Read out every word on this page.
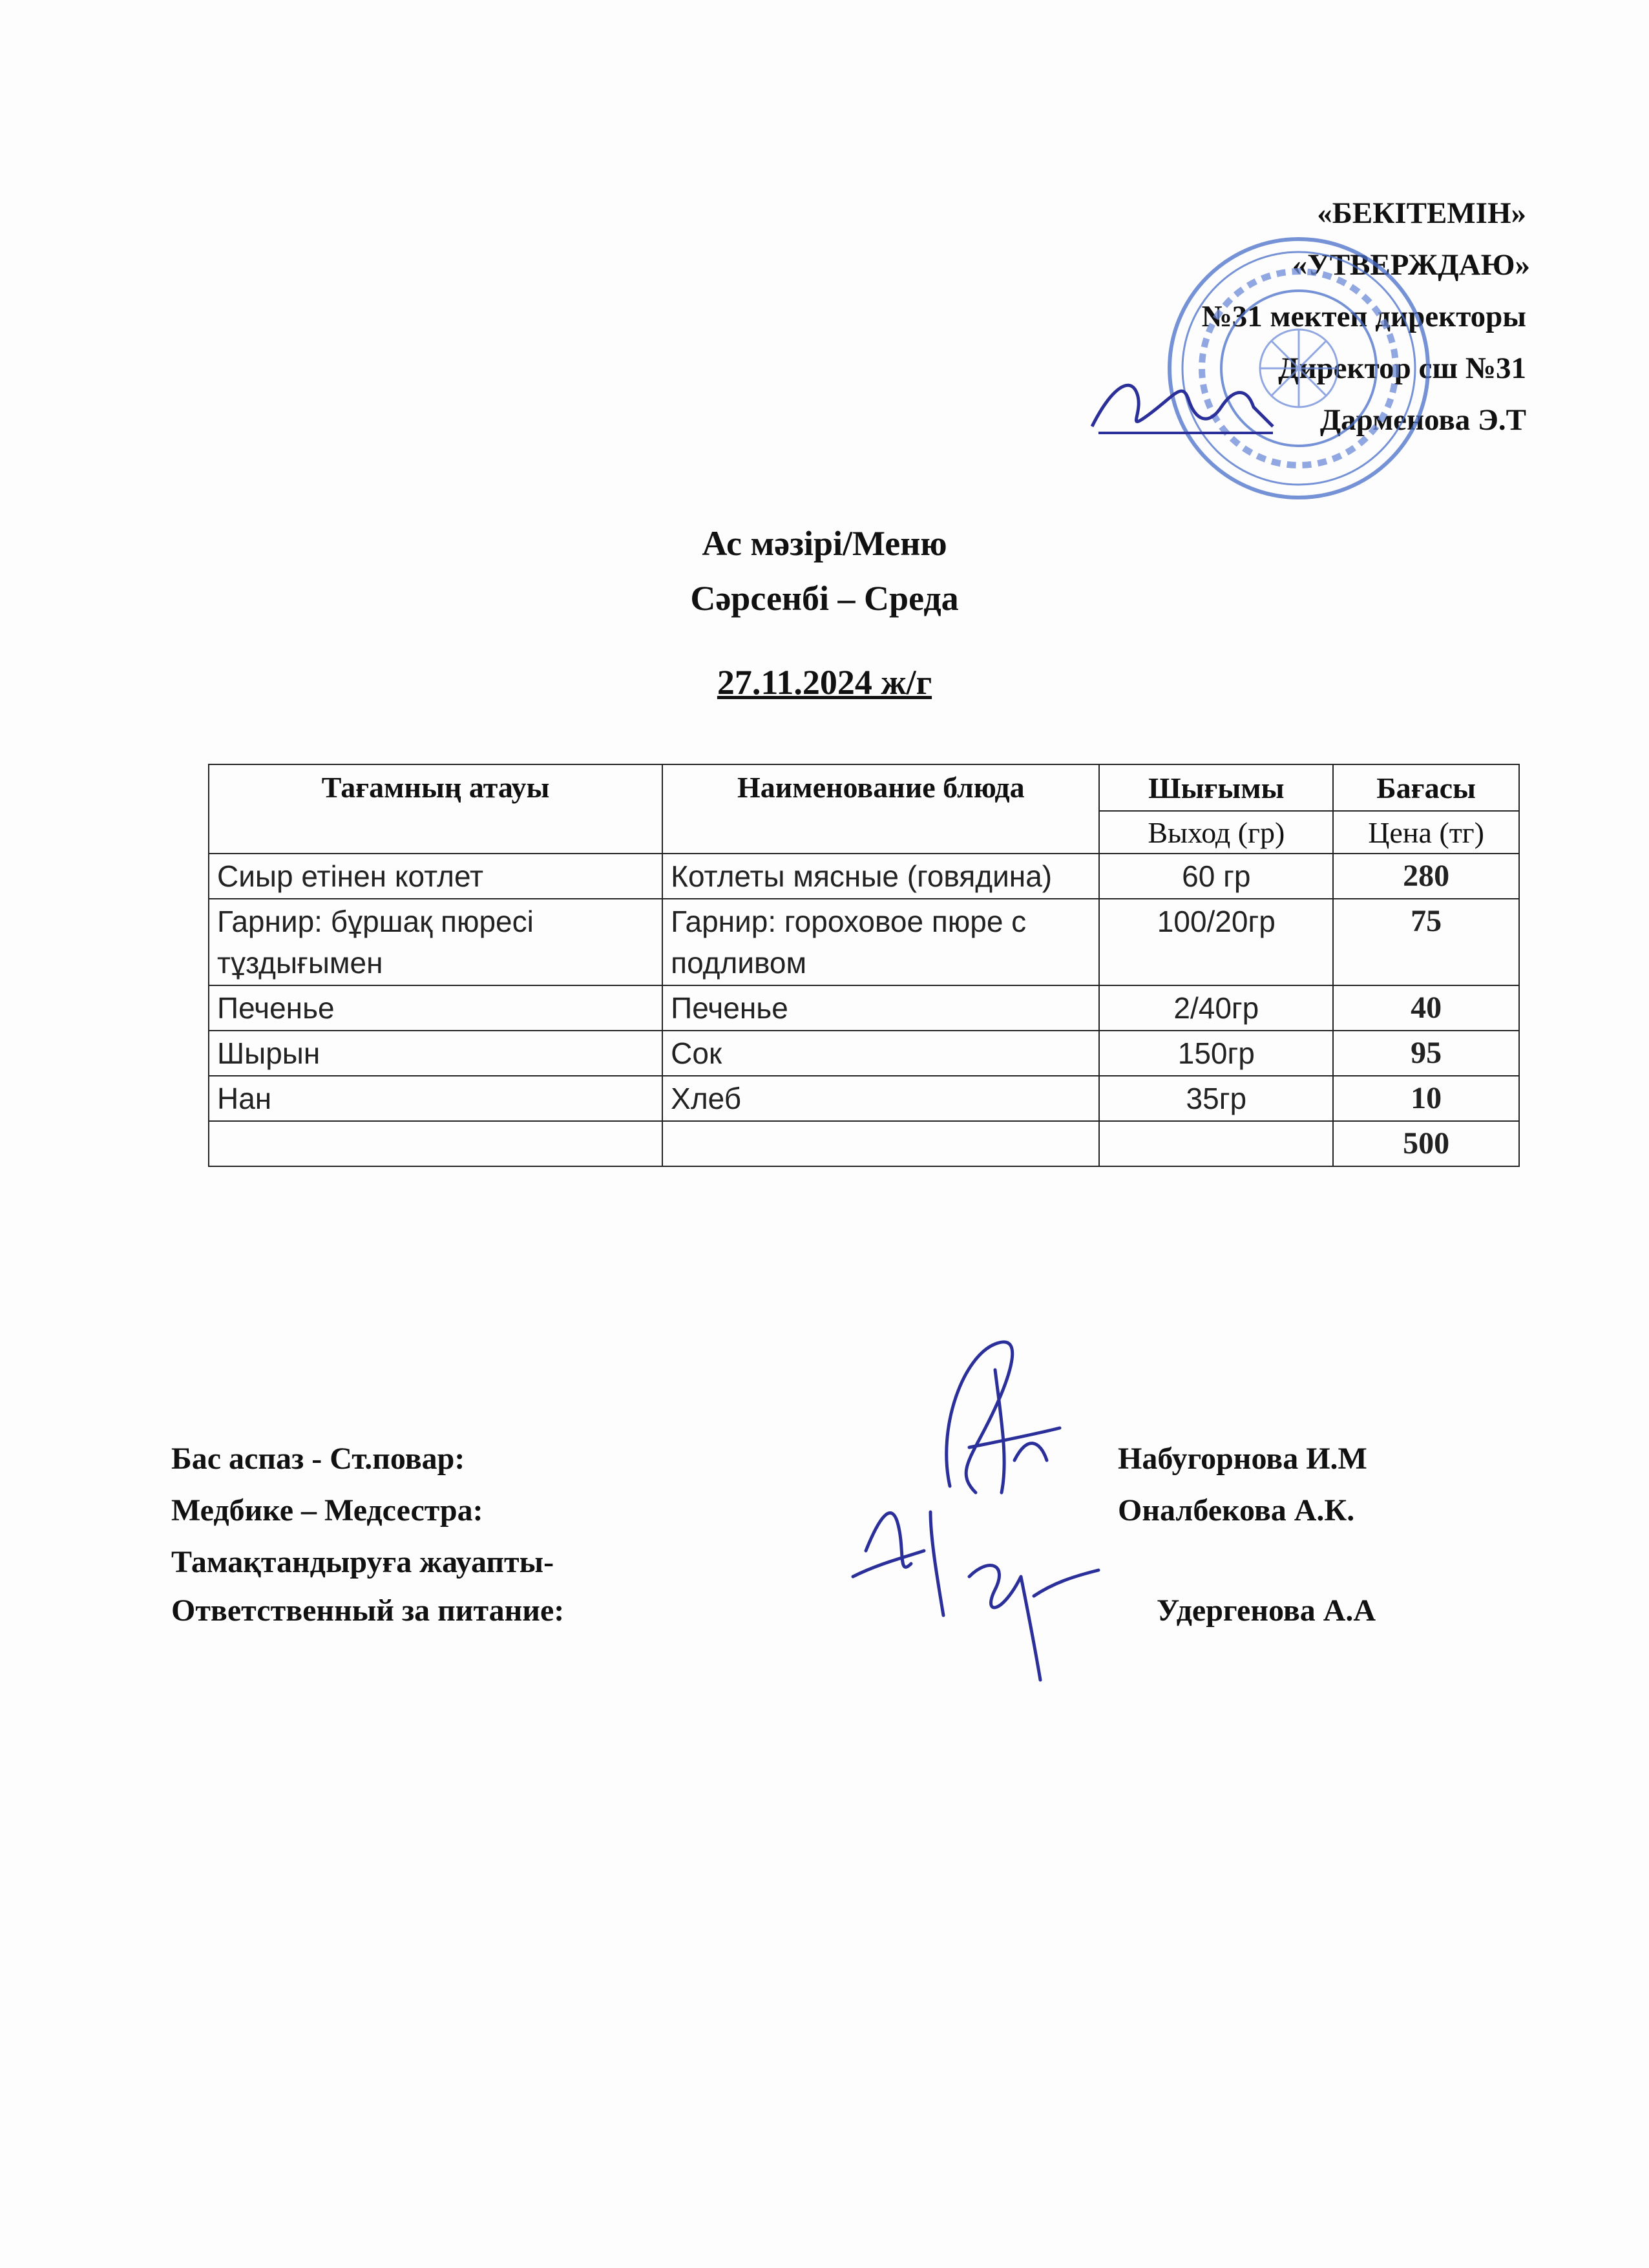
«БЕКІТЕМІН»
«УТВЕРЖДАЮ»
№31 мектеп директоры
Директор сш №31
Дарменова Э.Т
Ас мәзірі/Меню
Сәрсенбі – Среда
27.11.2024 ж/г
Тағамның атауы	Наименование блюда	Шығымы	Бағасы
		Выход (гр)	Цена (тг)
Сиыр етінен котлет	Котлеты мясные (говядина)	60 гр	280
Гарнир: бұршақ пюресі тұздығымен	Гарнир: гороховое пюре с подливом	100/20гр	75
Печенье	Печенье	2/40гр	40
Шырын	Сок	150гр	95
Нан	Хлеб	35гр	10
			500
Бас аспаз - Ст.повар:	Набугорнова И.М
Медбике – Медсестра:	Оналбекова А.К.
Тамақтандыруға жауапты-
Ответственный за питание:	Удергенова А.А
